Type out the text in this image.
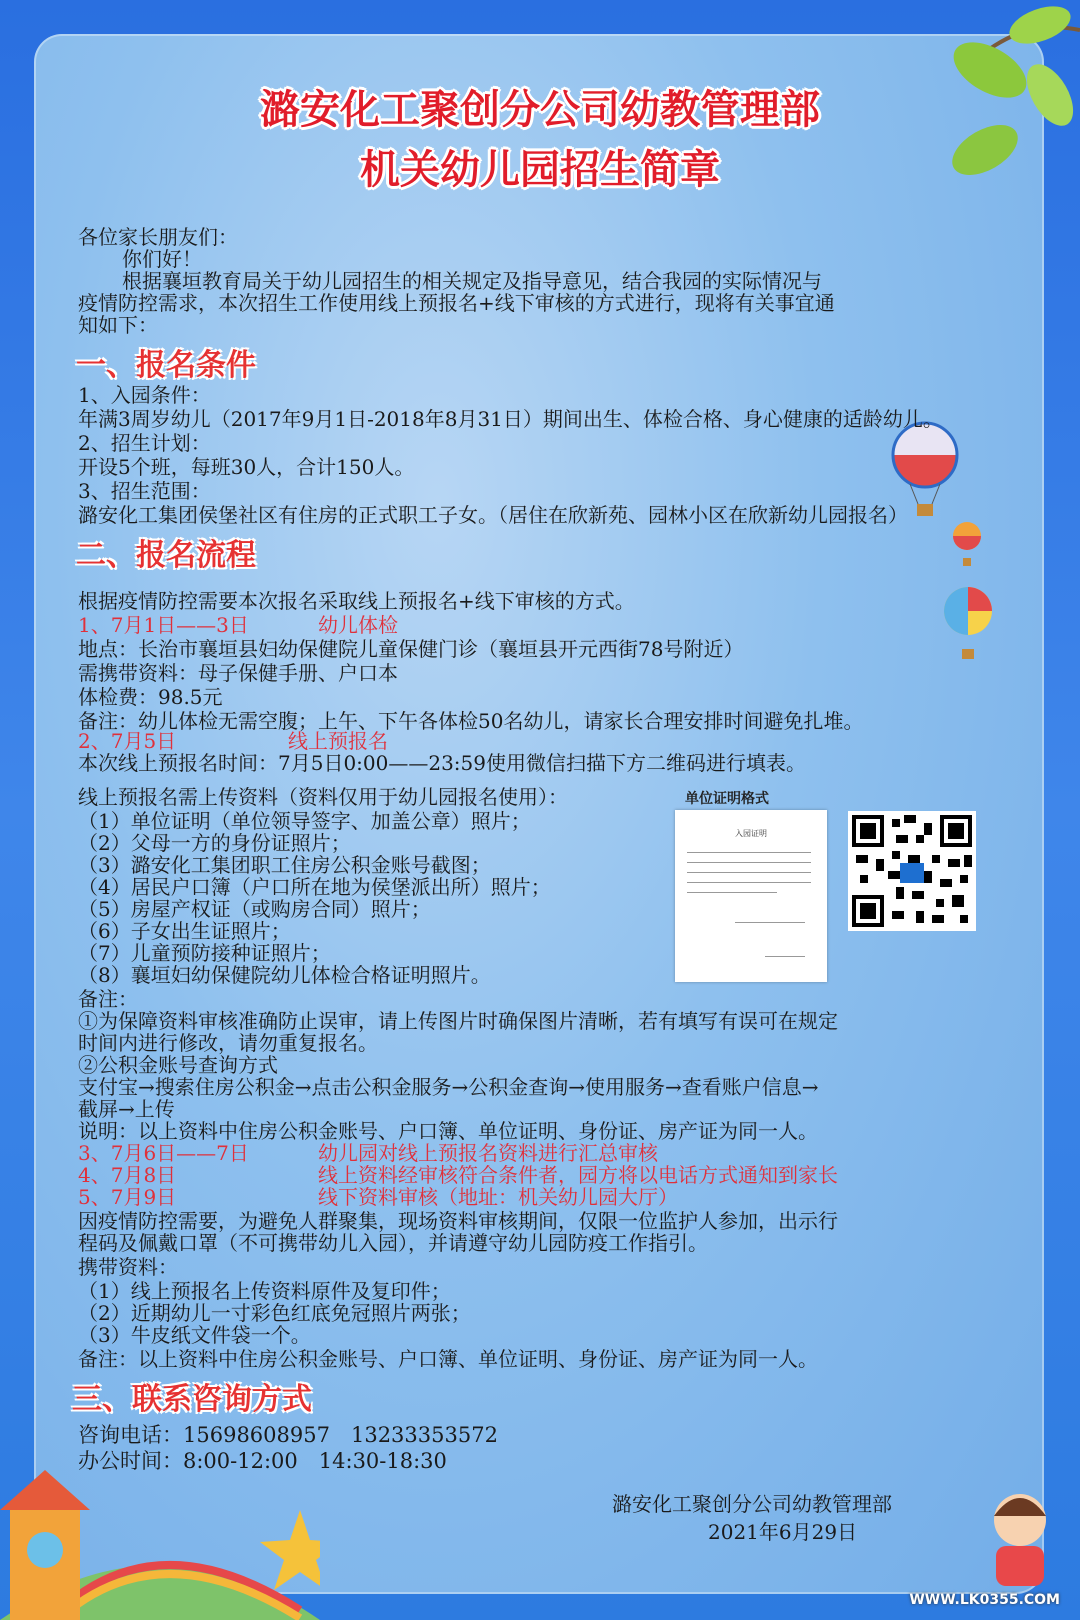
潞安化工聚创分公司幼教管理部
机关幼儿园招生简章
各位家长朋友们：
你们好！
根据襄垣教育局关于幼儿园招生的相关规定及指导意见，结合我园的实际情况与
疫情防控需求，本次招生工作使用线上预报名+线下审核的方式进行，现将有关事宜通
知如下：
一、报名条件
1、入园条件：
年满3周岁幼儿（2017年9月1日-2018年8月31日）期间出生、体检合格、身心健康的适龄幼儿。
2、招生计划：
开设5个班，每班30人，合计150人。
3、招生范围：
潞安化工集团侯堡社区有住房的正式职工子女。（居住在欣新苑、园林小区在欣新幼儿园报名）
二、报名流程
根据疫情防控需要本次报名采取线上预报名+线下审核的方式。
1、7月1日——3日	幼儿体检
地点：长治市襄垣县妇幼保健院儿童保健门诊（襄垣县开元西街78号附近）
需携带资料：母子保健手册、户口本
体检费：98.5元
备注：幼儿体检无需空腹；上午、下午各体检50名幼儿，请家长合理安排时间避免扎堆。
2、7月5日	线上预报名
本次线上预报名时间：7月5日0:00——23:59使用微信扫描下方二维码进行填表。
线上预报名需上传资料（资料仅用于幼儿园报名使用）：
（1）单位证明（单位领导签字、加盖公章）照片；
（2）父母一方的身份证照片；
（3）潞安化工集团职工住房公积金账号截图；
（4）居民户口簿（户口所在地为侯堡派出所）照片；
（5）房屋产权证（或购房合同）照片；
（6）子女出生证照片；
（7）儿童预防接种证照片；
（8）襄垣妇幼保健院幼儿体检合格证明照片。
单位证明格式
入园证明
备注：
①为保障资料审核准确防止误审，请上传图片时确保图片清晰，若有填写有误可在规定
时间内进行修改，请勿重复报名。
②公积金账号查询方式
支付宝→搜索住房公积金→点击公积金服务→公积金查询→使用服务→查看账户信息→
截屏→上传
说明：以上资料中住房公积金账号、户口簿、单位证明、身份证、房产证为同一人。
3、7月6日——7日	幼儿园对线上预报名资料进行汇总审核
4、7月8日	线上资料经审核符合条件者，园方将以电话方式通知到家长
5、7月9日	线下资料审核（地址：机关幼儿园大厅）
因疫情防控需要，为避免人群聚集，现场资料审核期间，仅限一位监护人参加，出示行
程码及佩戴口罩（不可携带幼儿入园），并请遵守幼儿园防疫工作指引。
携带资料：
（1）线上预报名上传资料原件及复印件；
（2）近期幼儿一寸彩色红底免冠照片两张；
（3）牛皮纸文件袋一个。
备注：以上资料中住房公积金账号、户口簿、单位证明、身份证、房产证为同一人。
三、联系咨询方式
咨询电话：15698608957　13233353572
办公时间：8:00-12:00　14:30-18:30
潞安化工聚创分公司幼教管理部
2021年6月29日
WWW.LK0355.COM
